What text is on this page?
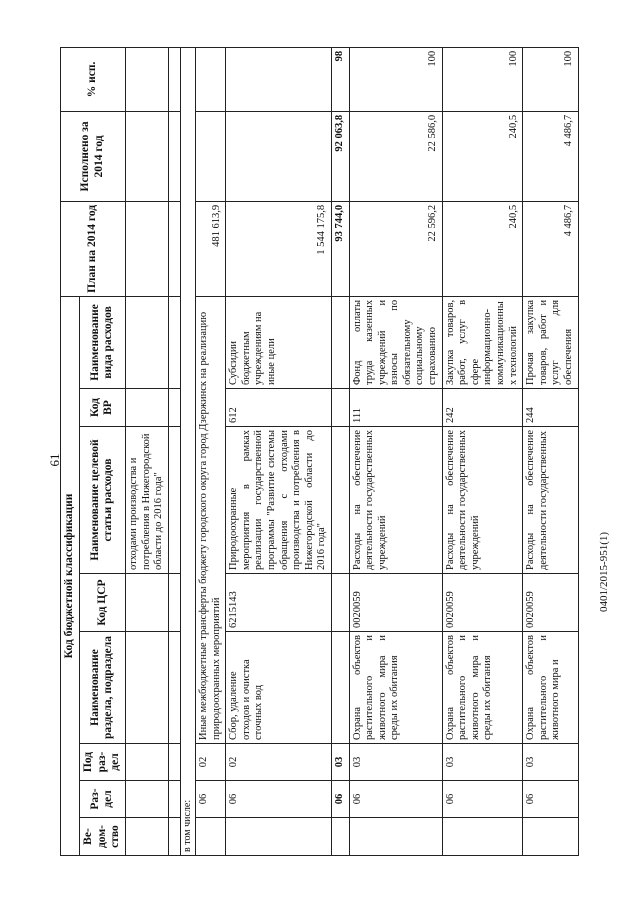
61
Код бюджетной классификации								План на 2014 год	Исполнено за 2014 год	% исп.
Ве-дом-ство	Раз-дел	Под раз-дел	Наименование раздела, подраздела	Код ЦСР	Наименование целевой статьи расходов	Код ВР	Наименование вида расходов			
					отходами производства и потребления в Нижегородской области до 2016 года"					

в том числе:										
	06	02	Иные межбюджетные трансферты бюджету городского округа город Дзержинск на реализацию природоохранных мероприятий					481 613,9		
	06	02	Сбор, удаление отходов и очистка сточных вод	6215143	Природоохранные мероприятия в рамках реализации государственной программы "Развитие системы обращения с отходами производства и потребления в Нижегородской области до 2016 года"	612	Субсидии бюджетным учреждениям на иные цели	1 544 175,8		
	06	03						93 744,0	92 063,8	98
	06	03	Охрана объектов растительного и животного мира и среды их обитания	0020059	Расходы на обеспечение деятельности государственных учреждений	111	Фонд оплаты труда казенных учреждений и взносы по обязательному социальному страхованию	22 596,2	22 586,0	100
	06	03	Охрана объектов растительного и животного мира и среды их обитания	0020059	Расходы на обеспечение деятельности государственных учреждений	242	Закупка товаров, работ, услуг в сфере информационно-коммуникационных технологий	240,5	240,5	100
	06	03	Охрана объектов растительного и животного мира и	0020059	Расходы на обеспечение деятельности государственных	244	Прочая закупка товаров, работ и услуг для обеспечения	4 486,7	4 486,7	100
0401/2015-951(1)
